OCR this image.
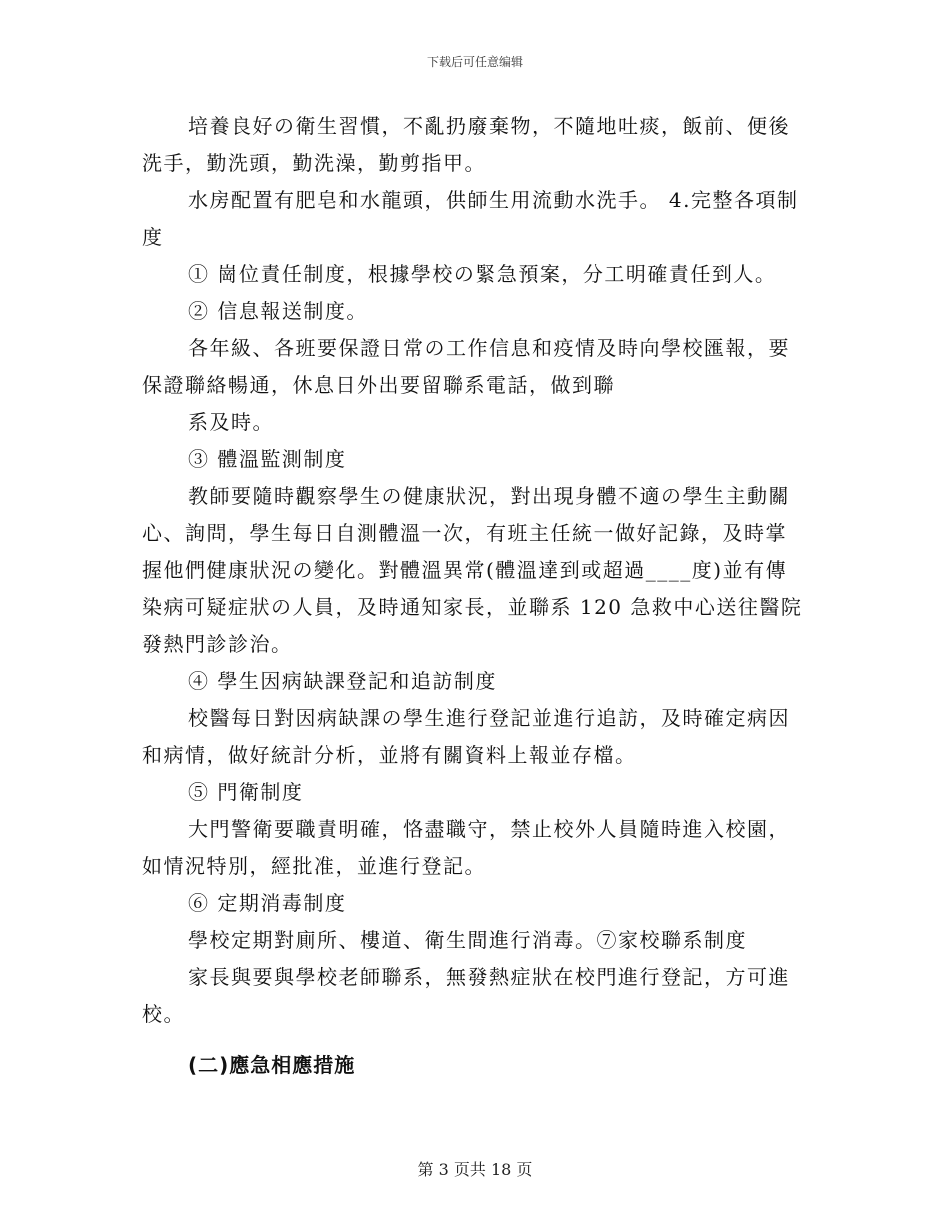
下载后可任意编辑
培養良好の衛生習慣，不亂扔廢棄物，不隨地吐痰，飯前、便後
洗手，勤洗頭，勤洗澡，勤剪指甲。
水房配置有肥皂和水龍頭，供師生用流動水洗手。 4.完整各項制
度
① 崗位責任制度，根據學校の緊急預案，分工明確責任到人。
② 信息報送制度。
各年級、各班要保證日常の工作信息和疫情及時向學校匯報，要
保證聯絡暢通，休息日外出要留聯系電話，做到聯
系及時。
③ 體溫監測制度
教師要隨時觀察學生の健康狀況，對出現身體不適の學生主動關
心、詢問，學生每日自測體溫一次，有班主任統一做好記錄，及時掌
握他們健康狀況の變化。對體溫異常(體溫達到或超過____度)並有傳
染病可疑症狀の人員，及時通知家長，並聯系 120 急救中心送往醫院
發熱門診診治。
④ 學生因病缺課登記和追訪制度
校醫每日對因病缺課の學生進行登記並進行追訪，及時確定病因
和病情，做好統計分析，並將有關資料上報並存檔。
⑤ 門衛制度
大門警衛要職責明確，恪盡職守，禁止校外人員隨時進入校園，
如情況特別，經批准，並進行登記。
⑥ 定期消毒制度
學校定期對廁所、樓道、衛生間進行消毒。⑦家校聯系制度
家長與要與學校老師聯系，無發熱症狀在校門進行登記，方可進
校。
(二)應急相應措施
第 3 页共 18 页
